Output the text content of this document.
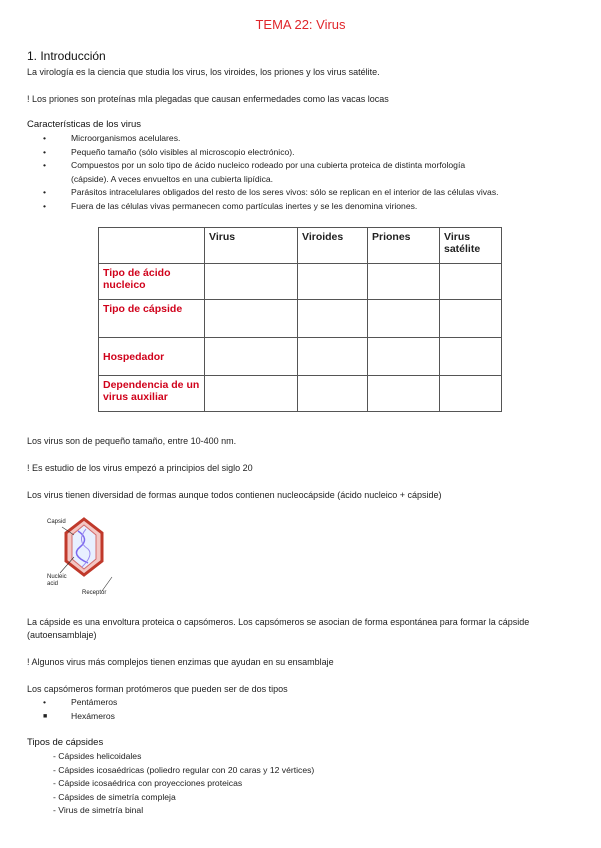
TEMA 22: Virus
1. Introducción
La virología es la ciencia que studia los virus, los viroides, los priones y los virus satélite.
! Los priones son proteínas mla plegadas que causan enfermedades como las vacas locas
Características de los virus
•	Microorganismos acelulares.
•	Pequeño tamaño (sólo visibles al microscopio electrónico).
•	Compuestos por un solo tipo de ácido nucleico rodeado por una cubierta proteica de distinta morfología
(cápside). A veces envueltos en una cubierta lipídica.
•	Parásitos intracelulares obligados del resto de los seres vivos: sólo se replican en el interior de las células vivas.
•	Fuera de las células vivas permanecen como partículas inertes y se les denomina viriones.
	Virus	Viroides	Priones	Virus satélite
Tipo de ácido nucleico				
Tipo de cápside				
Hospedador				
Dependencia de un virus auxiliar				
Los virus son de pequeño tamaño, entre 10-400 nm.
! Es estudio de los virus empezó a principios del siglo 20
Los virus tienen diversidad de formas aunque todos contienen nucleocápside (ácido nucleico + cápside)
Capsid
Nucleic
acid
Receptor
La cápside es una envoltura proteica o capsómeros. Los capsómeros se asocian de forma espontánea para formar la cápside (autoensamblaje)
! Algunos virus más complejos tienen enzimas que ayudan en su ensamblaje
Los capsómeros forman protómeros que pueden ser de dos tipos
•	Pentámeros
■	Hexámeros
Tipos de cápsides
- Cápsides helicoidales
- Cápsides icosaédricas (poliedro regular con 20 caras y 12 vértices)
- Cápside icosaédrica con proyecciones proteicas
- Cápsides de simetría compleja
- Virus de simetría binal
